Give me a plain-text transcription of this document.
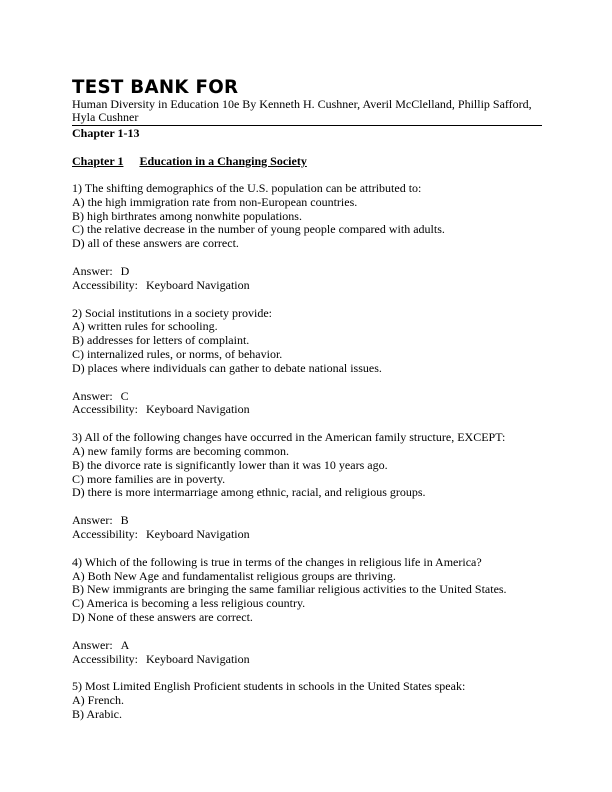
TEST BANK FOR
Human Diversity in Education 10e By Kenneth H. Cushner, Averil McClelland, Phillip Safford,
Hyla Cushner
Chapter 1-13
Chapter 1 Education in a Changing Society
1) The shifting demographics of the U.S. population can be attributed to:
A) the high immigration rate from non-European countries.
B) high birthrates among nonwhite populations.
C) the relative decrease in the number of young people compared with adults.
D) all of these answers are correct.
Answer: D
Accessibility: Keyboard Navigation
2) Social institutions in a society provide:
A) written rules for schooling.
B) addresses for letters of complaint.
C) internalized rules, or norms, of behavior.
D) places where individuals can gather to debate national issues.
Answer: C
Accessibility: Keyboard Navigation
3) All of the following changes have occurred in the American family structure, EXCEPT:
A) new family forms are becoming common.
B) the divorce rate is significantly lower than it was 10 years ago.
C) more families are in poverty.
D) there is more intermarriage among ethnic, racial, and religious groups.
Answer: B
Accessibility: Keyboard Navigation
4) Which of the following is true in terms of the changes in religious life in America?
A) Both New Age and fundamentalist religious groups are thriving.
B) New immigrants are bringing the same familiar religious activities to the United States.
C) America is becoming a less religious country.
D) None of these answers are correct.
Answer: A
Accessibility: Keyboard Navigation
5) Most Limited English Proficient students in schools in the United States speak:
A) French.
B) Arabic.
